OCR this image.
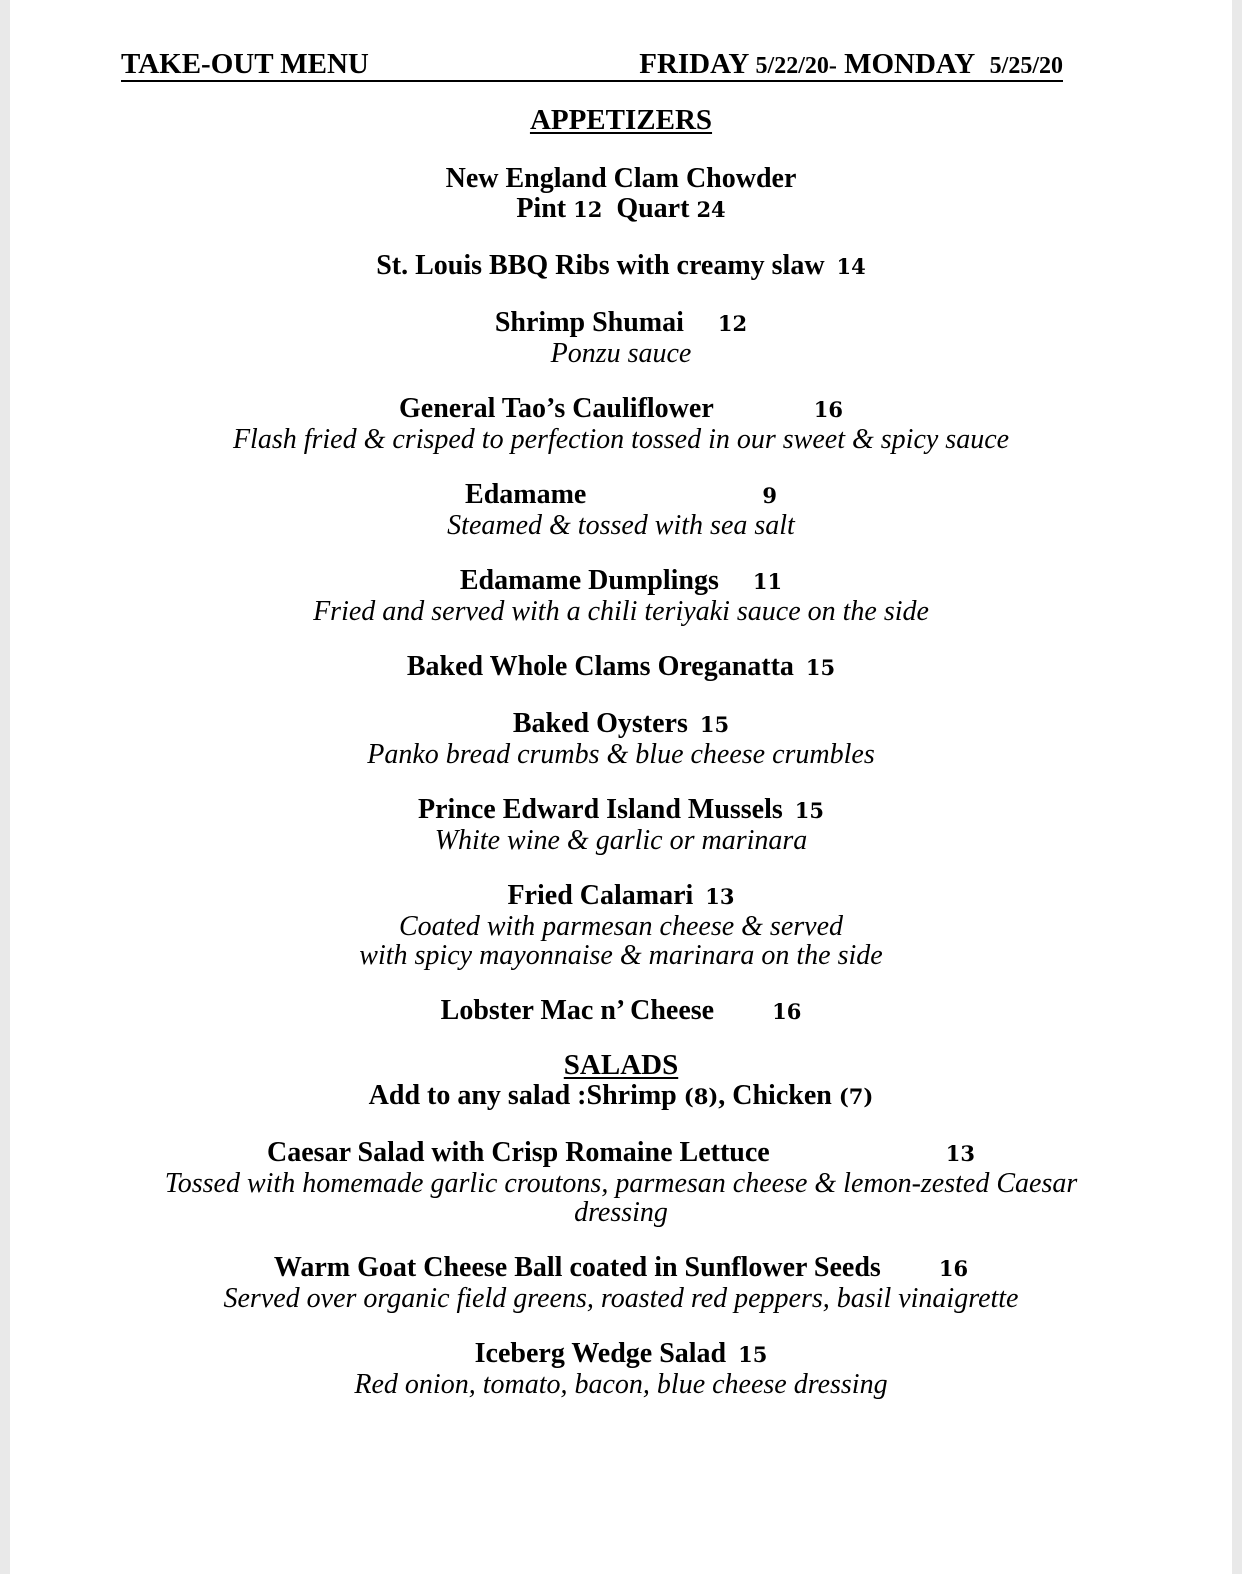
TAKE-OUT MENU	FRIDAY 5/22/20- MONDAY 5/25/20
APPETIZERS
New England Clam Chowder
Pint 12 Quart 24
St. Louis BBQ Ribs with creamy slaw 14
Shrimp Shumai 12
Ponzu sauce
General Tao’s Cauliflower	16
Flash fried & crisped to perfection tossed in our sweet & spicy sauce
Edamame	9
Steamed & tossed with sea salt
Edamame Dumplings 11
Fried and served with a chili teriyaki sauce on the side
Baked Whole Clams Oreganatta 15
Baked Oysters 15
Panko bread crumbs & blue cheese crumbles
Prince Edward Island Mussels 15
White wine & garlic or marinara
Fried Calamari 13
Coated with parmesan cheese & served
with spicy mayonnaise & marinara on the side
Lobster Mac n’ Cheese	16
SALADS
Add to any salad :Shrimp (8), Chicken (7)
Caesar Salad with Crisp Romaine Lettuce	13
Tossed with homemade garlic croutons, parmesan cheese & lemon-zested Caesar
dressing
Warm Goat Cheese Ball coated in Sunflower Seeds	16
Served over organic field greens, roasted red peppers, basil vinaigrette
Iceberg Wedge Salad 15
Red onion, tomato, bacon, blue cheese dressing
